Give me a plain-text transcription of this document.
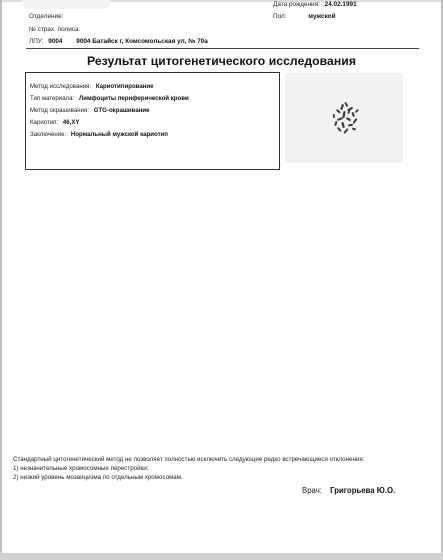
Отделение:
№ страх. полиса:
ЛПУ: 9004 9004 Батайск г, Комсомольская ул, № 70а
Дата рождения: 24.02.1991
Пол:	мужской
Результат цитогенетического исследования
Метод исследования: Кариотипирование
Тип материала: Лимфоциты периферической крови
Метод окрашивания: GTG-окрашивание
Кариотип: 46,XY
Заключение: Нормальный мужской кариотип
Стандартный цитогенетический метод не позволяет полностью исключить следующие редко встречающиеся отклонения:
1) незначительные хромосомные перестройки;
2) низкий уровень мозаицизма по отдельным хромосомам.
Врач: Григорьева Ю.О.
